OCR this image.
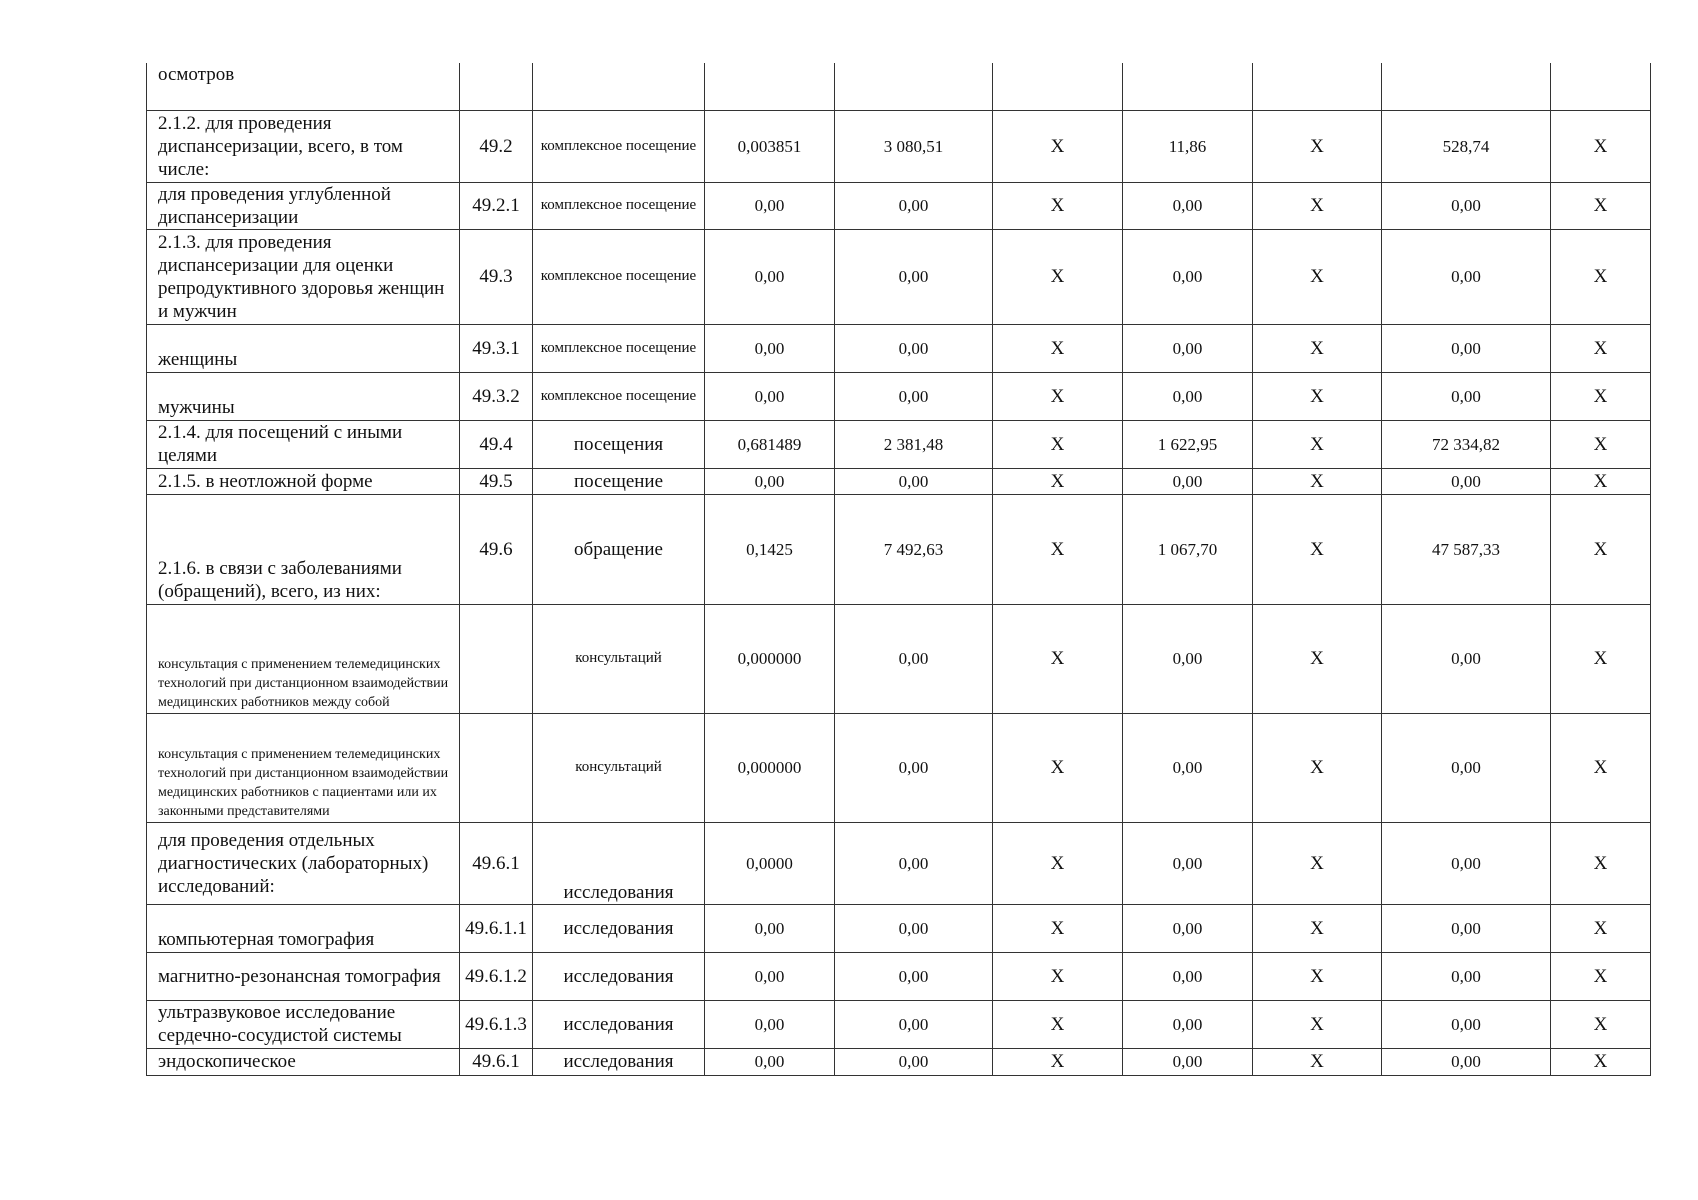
осмотров									
2.1.2. для проведения диспансеризации, всего, в том числе:	49.2	комплексное посещение	0,003851	3 080,51	Х	11,86	Х	528,74	Х
для проведения углубленной диспансеризации	49.2.1	комплексное посещение	0,00	0,00	Х	0,00	Х	0,00	Х
2.1.3. для проведения диспансеризации для оценки репродуктивного здоровья женщин и мужчин	49.3	комплексное посещение	0,00	0,00	Х	0,00	Х	0,00	Х
женщины	49.3.1	комплексное посещение	0,00	0,00	Х	0,00	Х	0,00	Х
мужчины	49.3.2	комплексное посещение	0,00	0,00	Х	0,00	Х	0,00	Х
2.1.4. для посещений с иными целями	49.4	посещения	0,681489	2 381,48	Х	1 622,95	Х	72 334,82	Х
2.1.5. в неотложной форме	49.5	посещение	0,00	0,00	Х	0,00	Х	0,00	Х
2.1.6. в связи с заболеваниями (обращений), всего, из них:	49.6	обращение	0,1425	7 492,63	Х	1 067,70	Х	47 587,33	Х
консультация с применением телемедицинских технологий при дистанционном взаимодействии медицинских работников между собой		консультаций	0,000000	0,00	Х	0,00	Х	0,00	Х
консультация с применением телемедицинских технологий при дистанционном взаимодействии медицинских работников с пациентами или их законными представителями		консультаций	0,000000	0,00	Х	0,00	Х	0,00	Х
для проведения отдельных диагностических (лабораторных) исследований:	49.6.1	исследования	0,0000	0,00	Х	0,00	Х	0,00	Х
компьютерная томография	49.6.1.1	исследования	0,00	0,00	Х	0,00	Х	0,00	Х
магнитно-резонансная томография	49.6.1.2	исследования	0,00	0,00	Х	0,00	Х	0,00	Х
ультразвуковое исследование сердечно-сосудистой системы	49.6.1.3	исследования	0,00	0,00	Х	0,00	Х	0,00	Х
эндоскопическое	49.6.1	исследования	0,00	0,00	Х	0,00	Х	0,00	Х
